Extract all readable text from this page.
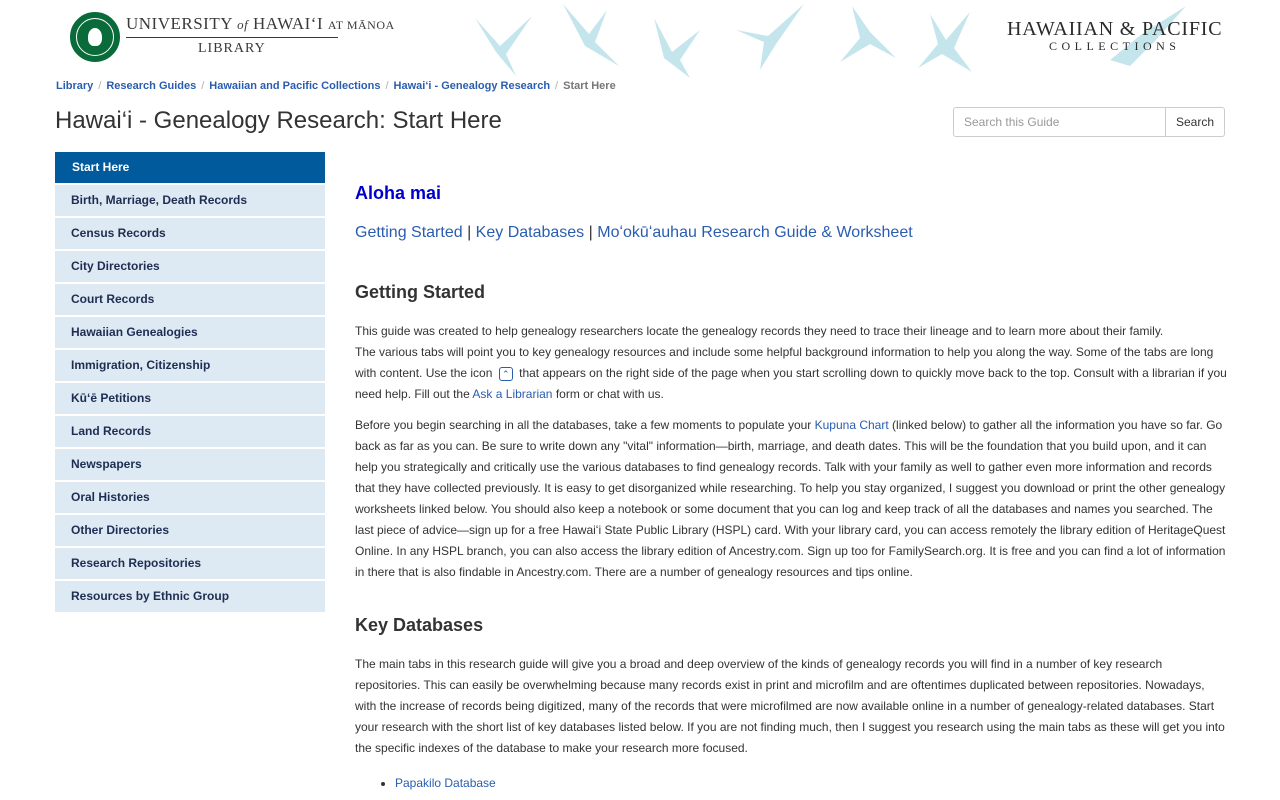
UNIVERSITY of HAWAI‘I AT MĀNOA
LIBRARY
HAWAIIAN & PACIFIC
COLLECTIONS
Library / Research Guides / Hawaiian and Pacific Collections / Hawai‘i - Genealogy Research / Start Here
Hawai‘i - Genealogy Research: Start Here
Search this Guide	Search
Start Here
Birth, Marriage, Death Records
Census Records
City Directories
Court Records
Hawaiian Genealogies
Immigration, Citizenship
Kūʻē Petitions
Land Records
Newspapers
Oral Histories
Other Directories
Research Repositories
Resources by Ethnic Group
Aloha mai
Getting Started | Key Databases | Moʻokūʻauhau Research Guide & Worksheet
Getting Started

This guide was created to help genealogy researchers locate the genealogy records they need to trace their lineage and to learn more about their family.
The various tabs will point you to key genealogy resources and include some helpful background information to help you along the way. Some of the tabs are long with content. Use the icon ⌃ that appears on the right side of the page when you start scrolling down to quickly move back to the top. Consult with a librarian if you need help. Fill out the Ask a Librarian form or chat with us.

Before you begin searching in all the databases, take a few moments to populate your Kupuna Chart (linked below) to gather all the information you have so far. Go back as far as you can. Be sure to write down any "vital" information—birth, marriage, and death dates. This will be the foundation that you build upon, and it can help you strategically and critically use the various databases to find genealogy records. Talk with your family as well to gather even more information and records that they have collected previously. It is easy to get disorganized while researching. To help you stay organized, I suggest you download or print the other genealogy worksheets linked below. You should also keep a notebook or some document that you can log and keep track of all the databases and names you searched. The last piece of advice—sign up for a free Hawaiʻi State Public Library (HSPL) card. With your library card, you can access remotely the library edition of HeritageQuest Online. In any HSPL branch, you can also access the library edition of Ancestry.com. Sign up too for FamilySearch.org. It is free and you can find a lot of information in there that is also findable in Ancestry.com. There are a number of genealogy resources and tips online.

Key Databases

The main tabs in this research guide will give you a broad and deep overview of the kinds of genealogy records you will find in a number of key research repositories. This can easily be overwhelming because many records exist in print and microfilm and are oftentimes duplicated between repositories. Nowadays, with the increase of records being digitized, many of the records that were microfilmed are now available online in a number of genealogy-related databases. Start your research with the short list of key databases listed below. If you are not finding much, then I suggest you research using the main tabs as these will get you into the specific indexes of the database to make your research more focused.

• Papakilo Database
